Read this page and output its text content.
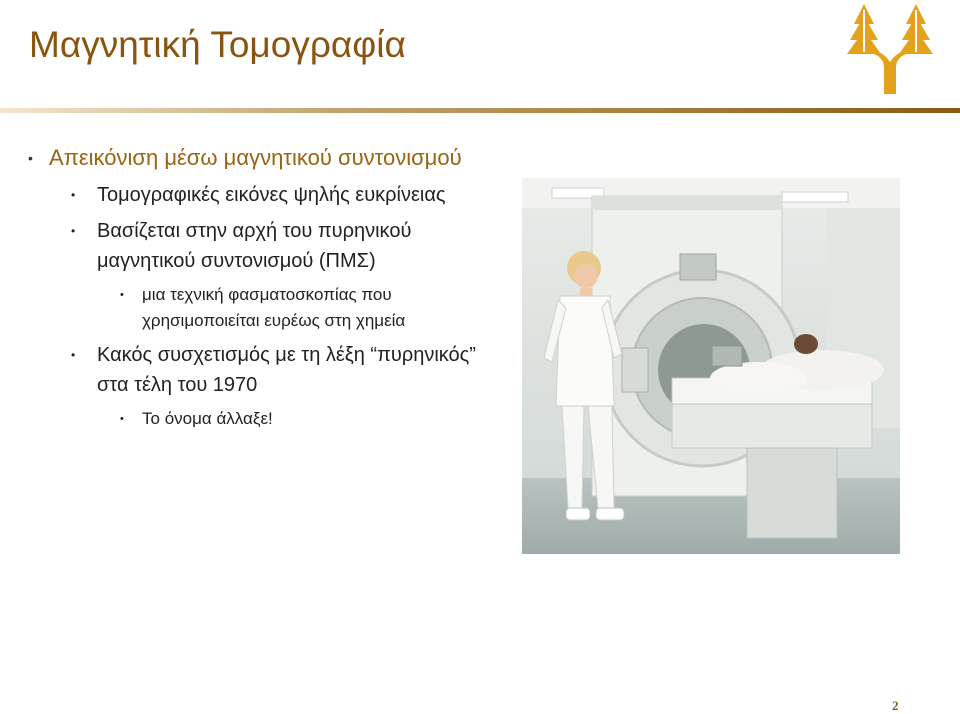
Μαγνητική Τομογραφία
• Απεικόνιση μέσω μαγνητικού συντονισμού
• Τομογραφικές εικόνες ψηλής ευκρίνειας
• Βασίζεται στην αρχή του πυρηνικού μαγνητικού συντονισμού (ΠΜΣ)
• μια τεχνική φασματοσκοπίας που χρησιμοποιείται ευρέως στη χημεία
• Κακός συσχετισμός με τη λέξη “πυρηνικός” στα τέλη του 1970
• Το όνομα άλλαξε!
2
